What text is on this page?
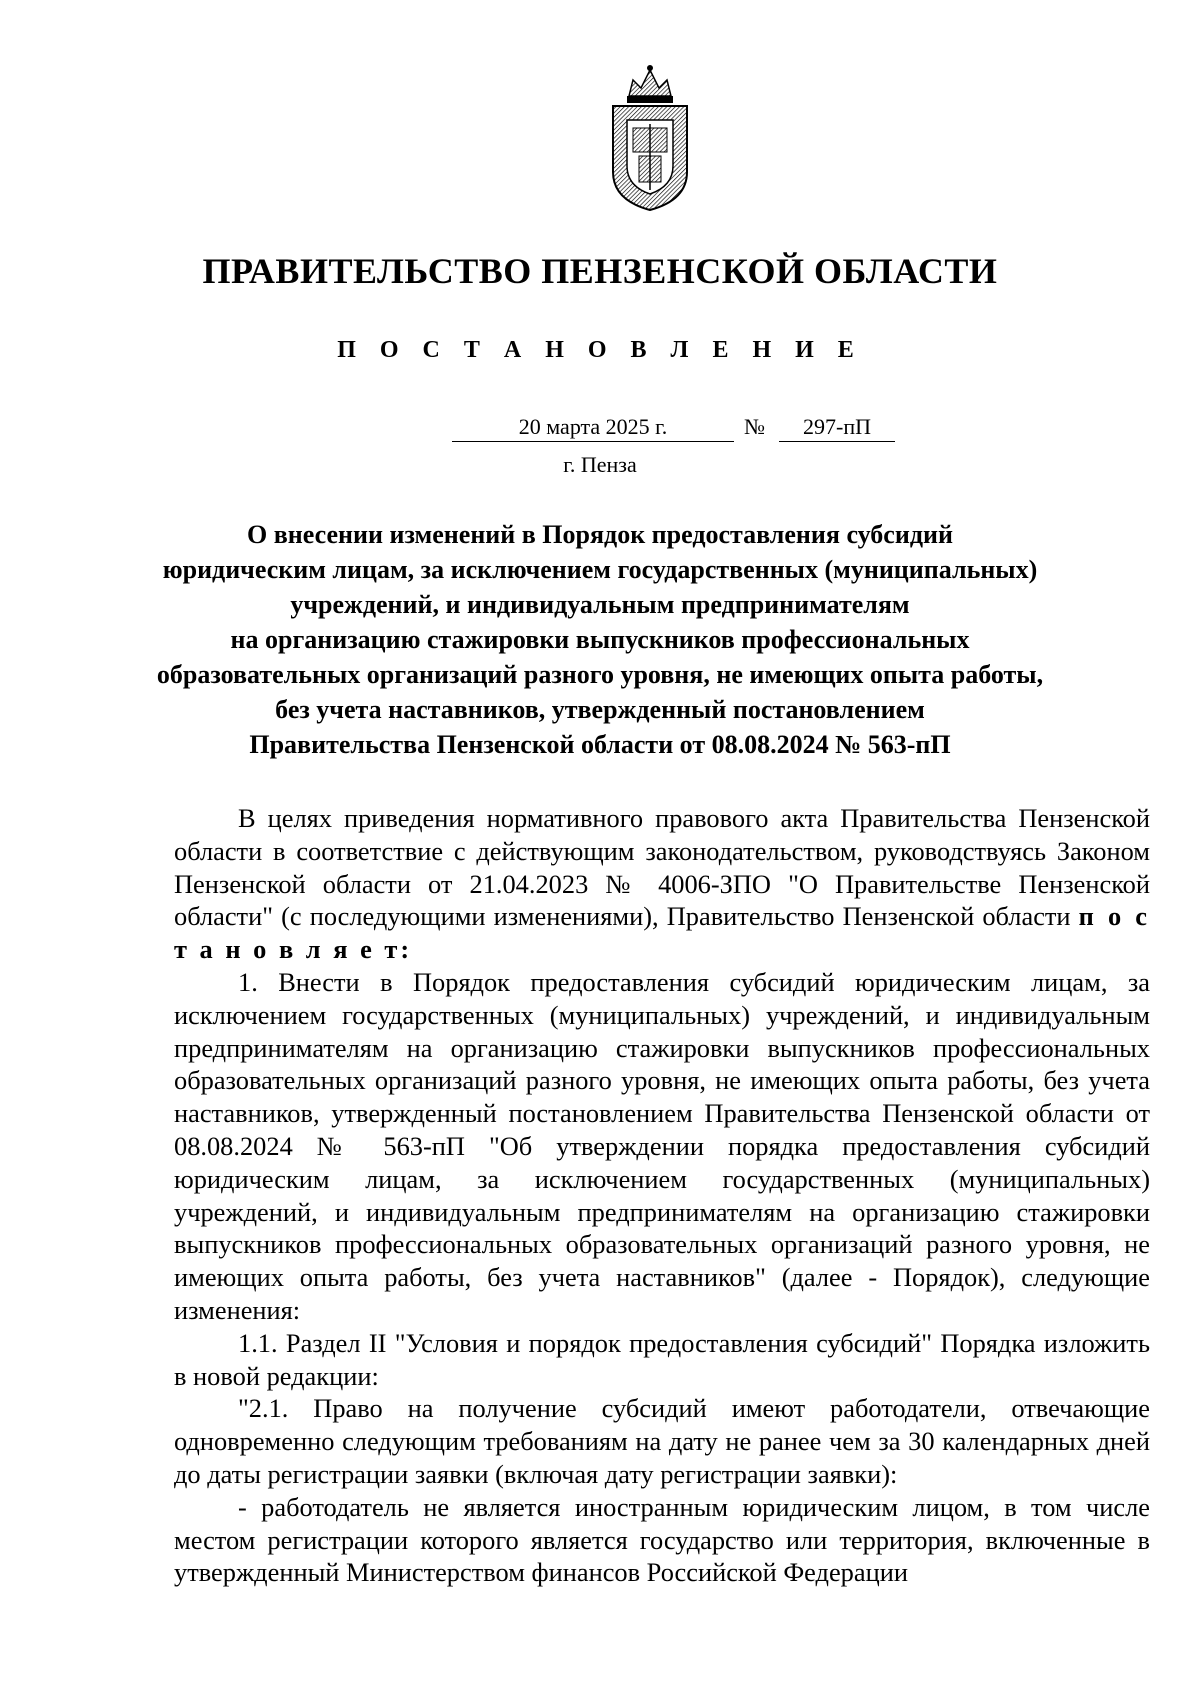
ПРАВИТЕЛЬСТВО ПЕНЗЕНСКОЙ ОБЛАСТИ
П О С Т А Н О В Л Е Н И Е
20 марта 2025 г.	№	297-пП
г. Пенза
О внесении изменений в Порядок предоставления субсидий
юридическим лицам, за исключением государственных (муниципальных)
учреждений, и индивидуальным предпринимателям
на организацию стажировки выпускников профессиональных
образовательных организаций разного уровня, не имеющих опыта работы,
без учета наставников, утвержденный постановлением
Правительства Пензенской области от 08.08.2024 № 563-пП

В целях приведения нормативного правового акта Правительства Пензенской области в соответствие с действующим законодательством, руководствуясь Законом Пензенской области от 21.04.2023 № 4006-ЗПО "О Правительстве Пензенской области" (с последующими изменениями), Правительство Пензенской области п о с т а н о в л я е т:

1. Внести в Порядок предоставления субсидий юридическим лицам, за исключением государственных (муниципальных) учреждений, и индивидуальным предпринимателям на организацию стажировки выпускников профессиональных образовательных организаций разного уровня, не имеющих опыта работы, без учета наставников, утвержденный постановлением Правительства Пензенской области от 08.08.2024 № 563-пП "Об утверждении порядка предоставления субсидий юридическим лицам, за исключением государственных (муниципальных) учреждений, и индивидуальным предпринимателям на организацию стажировки выпускников профессиональных образовательных организаций разного уровня, не имеющих опыта работы, без учета наставников" (далее - Порядок), следующие изменения:

1.1. Раздел II "Условия и порядок предоставления субсидий" Порядка изложить в новой редакции:

"2.1. Право на получение субсидий имеют работодатели, отвечающие одновременно следующим требованиям на дату не ранее чем за 30 календарных дней до даты регистрации заявки (включая дату регистрации заявки):

- работодатель не является иностранным юридическим лицом, в том числе местом регистрации которого является государство или территория, включенные в утвержденный Министерством финансов Российской Федерации
